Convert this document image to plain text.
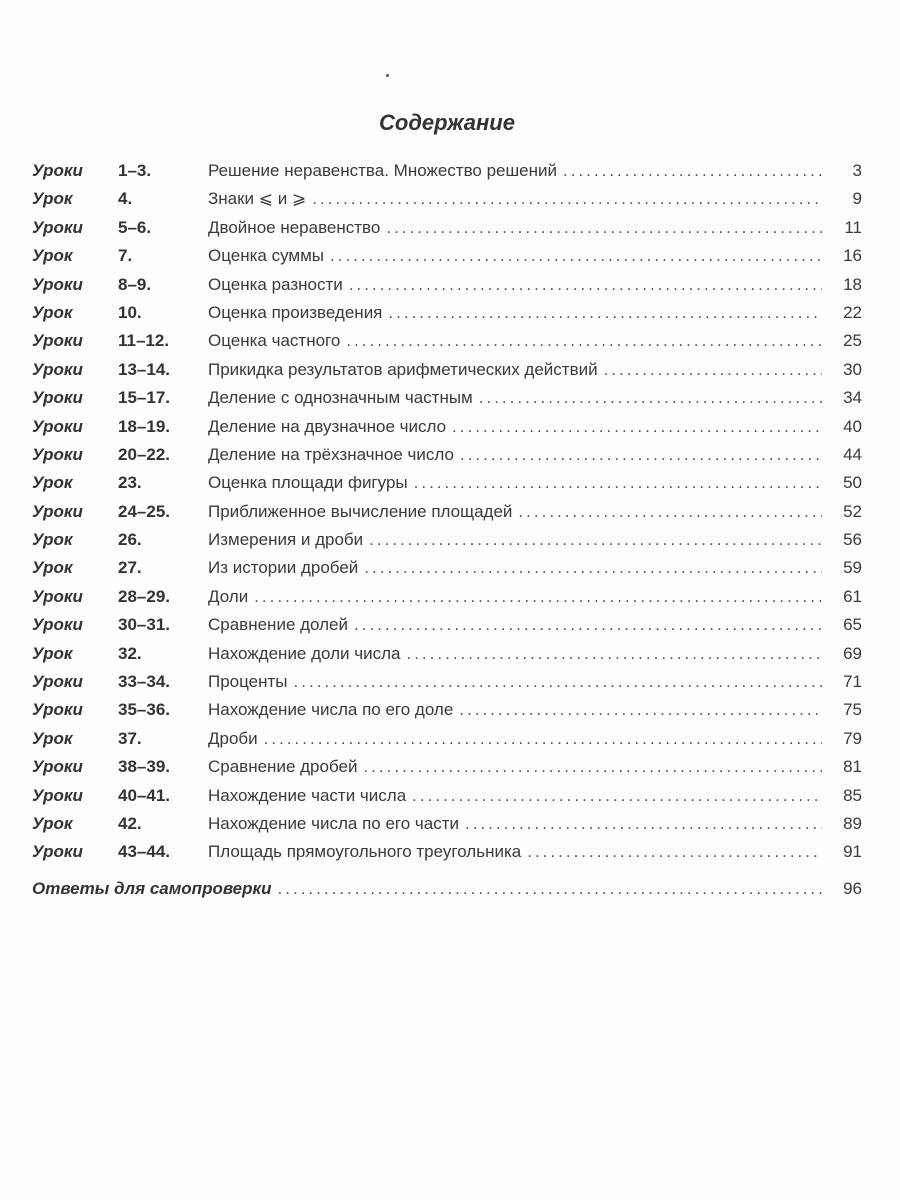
Содержание
Уроки	1–3.	Решение неравенства. Множество решений .....	3
Урок	4.	Знаки ⩽ и ⩾ .....	9
Уроки	5–6.	Двойное неравенство .....	11
Урок	7.	Оценка суммы .....	16
Уроки	8–9.	Оценка разности .....	18
Урок	10.	Оценка произведения .....	22
Уроки	11–12.	Оценка частного .....	25
Уроки	13–14.	Прикидка результатов арифметических действий .....	30
Уроки	15–17.	Деление с однозначным частным .....	34
Уроки	18–19.	Деление на двузначное число .....	40
Уроки	20–22.	Деление на трёхзначное число .....	44
Урок	23.	Оценка площади фигуры .....	50
Уроки	24–25.	Приближенное вычисление площадей .....	52
Урок	26.	Измерения и дроби .....	56
Урок	27.	Из истории дробей .....	59
Уроки	28–29.	Доли .....	61
Уроки	30–31.	Сравнение долей .....	65
Урок	32.	Нахождение доли числа .....	69
Уроки	33–34.	Проценты .....	71
Уроки	35–36.	Нахождение числа по его доле .....	75
Урок	37.	Дроби .....	79
Уроки	38–39.	Сравнение дробей .....	81
Уроки	40–41.	Нахождение части числа .....	85
Урок	42.	Нахождение числа по его части .....	89
Уроки	43–44.	Площадь прямоугольного треугольника .....	91
Ответы для самопроверки .....	96
